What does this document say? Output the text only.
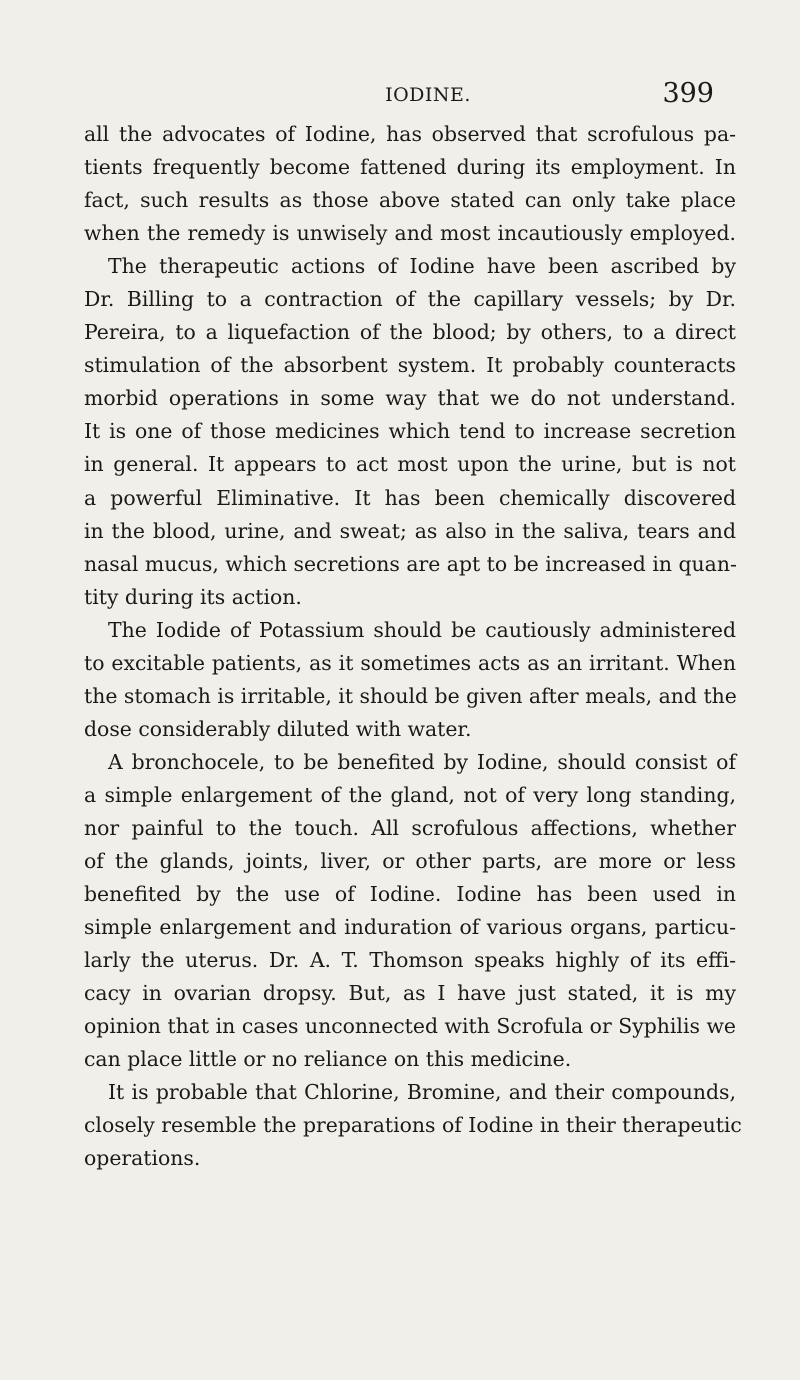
IODINE.	399
all the advocates of Iodine, has observed that scrofulous pa-
tients frequently become fattened during its employment. In
fact, such results as those above stated can only take place
when the remedy is unwisely and most incautiously employed.
The therapeutic actions of Iodine have been ascribed by
Dr. Billing to a contraction of the capillary vessels; by Dr.
Pereira, to a liquefaction of the blood; by others, to a direct
stimulation of the absorbent system. It probably counteracts
morbid operations in some way that we do not understand.
It is one of those medicines which tend to increase secretion
in general. It appears to act most upon the urine, but is not
a powerful Eliminative. It has been chemically discovered
in the blood, urine, and sweat; as also in the saliva, tears and
nasal mucus, which secretions are apt to be increased in quan-
tity during its action.
The Iodide of Potassium should be cautiously administered
to excitable patients, as it sometimes acts as an irritant. When
the stomach is irritable, it should be given after meals, and the
dose considerably diluted with water.
A bronchocele, to be benefited by Iodine, should consist of
a simple enlargement of the gland, not of very long standing,
nor painful to the touch. All scrofulous affections, whether
of the glands, joints, liver, or other parts, are more or less
benefited by the use of Iodine. Iodine has been used in
simple enlargement and induration of various organs, particu-
larly the uterus. Dr. A. T. Thomson speaks highly of its effi-
cacy in ovarian dropsy. But, as I have just stated, it is my
opinion that in cases unconnected with Scrofula or Syphilis we
can place little or no reliance on this medicine.
It is probable that Chlorine, Bromine, and their compounds,
closely resemble the preparations of Iodine in their therapeutic
operations.
